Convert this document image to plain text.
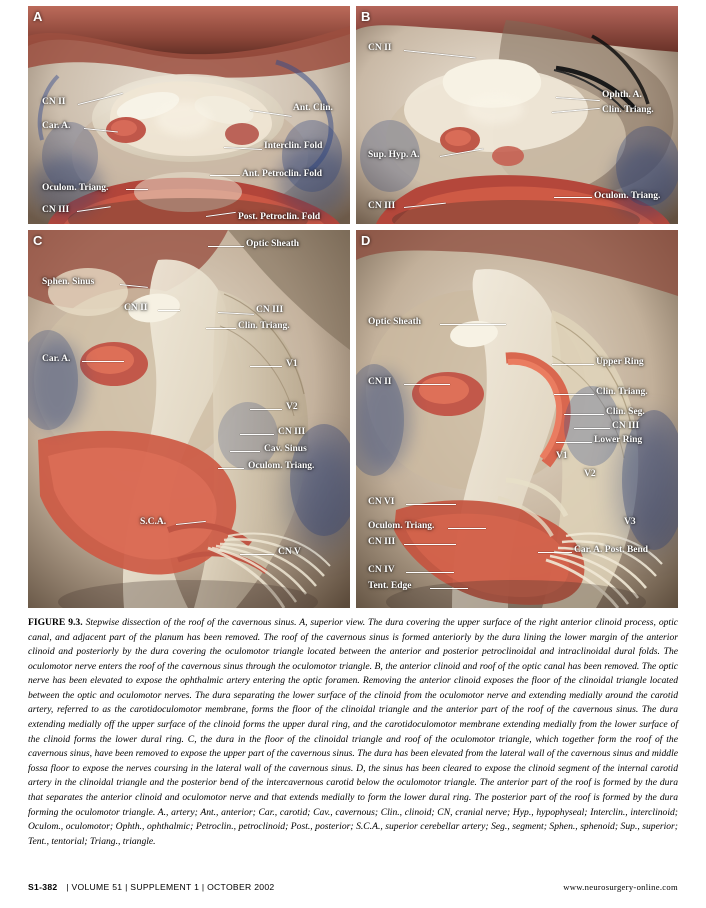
A
CN II
Car. A.
Oculom. Triang.
CN III
Ant. Clin.
Interclin. Fold
Ant. Petroclin. Fold
Post. Petroclin. Fold
B
CN II
Sup. Hyp. A.
CN III
Ophth. A.
Clin. Triang.
Oculom. Triang.
C	Optic Sheath
Sphen. Sinus
CN II	CN III
Clin. Triang.
Car. A.	V1
V2
CN III
Cav. Sinus
Oculom. Triang.
S.C.A.
CN V
D
Optic Sheath
CN II
Upper Ring
Clin. Triang.
Clin. Seg.
CN III
Lower Ring
V1
V2
CN VI
Oculom. Triang.
CN III
V3
Car. A. Post. Bend
CN IV
Tent. Edge
FIGURE 9.3. Stepwise dissection of the roof of the cavernous sinus. A, superior view. The dura covering the upper surface of the right anterior clinoid process, optic canal, and adjacent part of the planum has been removed. The roof of the cavernous sinus is formed anteriorly by the dura lining the lower margin of the anterior clinoid and posteriorly by the dura covering the oculomotor triangle located between the anterior and posterior petroclinoidal and intraclinoidal dural folds. The oculomotor nerve enters the roof of the cavernous sinus through the oculomotor triangle. B, the anterior clinoid and roof of the optic canal has been removed. The optic nerve has been elevated to expose the ophthalmic artery entering the optic foramen. Removing the anterior clinoid exposes the floor of the clinoidal triangle located between the optic and oculomotor nerves. The dura separating the lower surface of the clinoid from the oculomotor nerve and extending medially around the carotid artery, referred to as the carotidoculomotor membrane, forms the floor of the clinoidal triangle and the anterior part of the roof of the cavernous sinus. The dura extending medially off the upper surface of the clinoid forms the upper dural ring, and the carotidoculomotor membrane extending medially from the lower surface of the clinoid forms the lower dural ring. C, the dura in the floor of the clinoidal triangle and roof of the oculomotor triangle, which together form the roof of the cavernous sinus, have been removed to expose the upper part of the cavernous sinus. The dura has been elevated from the lateral wall of the cavernous sinus and middle fossa floor to expose the nerves coursing in the lateral wall of the cavernous sinus. D, the sinus has been cleared to expose the clinoid segment of the internal carotid artery in the clinoidal triangle and the posterior bend of the intercavernous carotid below the oculomotor triangle. The anterior part of the roof is formed by the dura that separates the anterior clinoid and oculomotor nerve and that extends medially to form the lower dural ring. The posterior part of the roof is formed by the dura forming the oculomotor triangle. A., artery; Ant., anterior; Car., carotid; Cav., cavernous; Clin., clinoid; CN, cranial nerve; Hyp., hypophyseal; Interclin., interclinoid; Oculom., oculomotor; Ophth., ophthalmic; Petroclin., petroclinoid; Post., posterior; S.C.A., superior cerebellar artery; Seg., segment; Sphen., sphenoid; Sup., superior; Tent., tentorial; Triang., triangle.
S1-382 | VOLUME 51 | SUPPLEMENT 1 | OCTOBER 2002	www.neurosurgery-online.com
